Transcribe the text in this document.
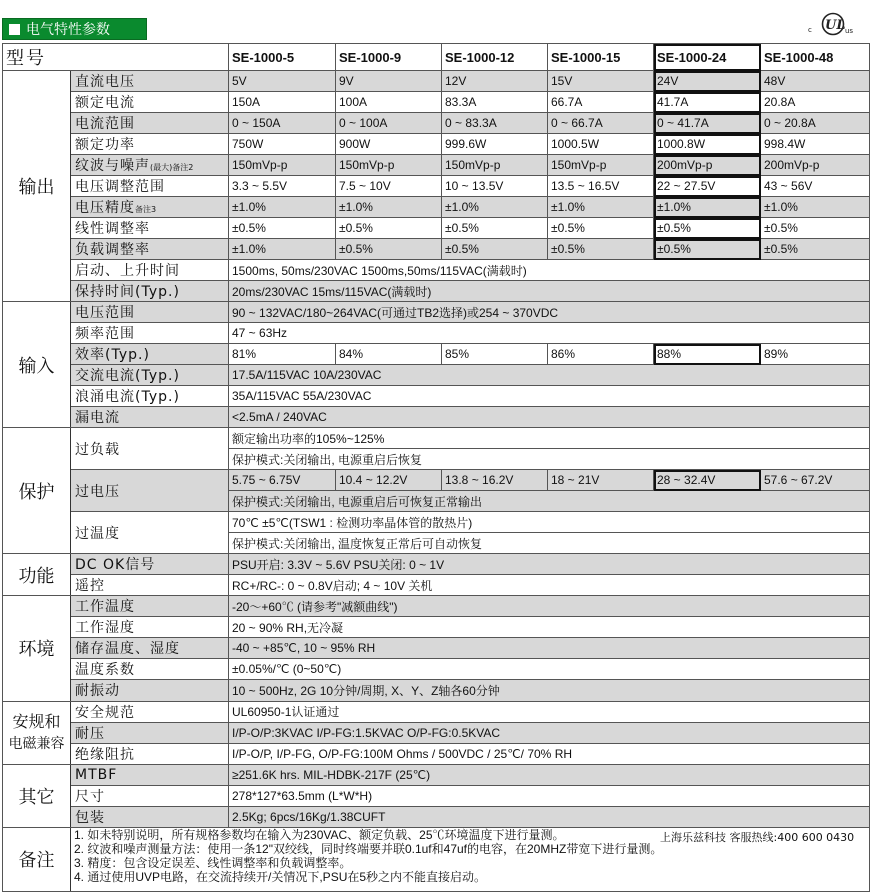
电气特性参数	c UL us
型号		SE-1000-5	SE-1000-9	SE-1000-12	SE-1000-15	SE-1000-24	SE-1000-48
输出	直流电压	5V	9V	12V	15V	24V	48V
	额定电流	150A	100A	83.3A	66.7A	41.7A	20.8A
	电流范围	0 ~ 150A	0 ~ 100A	0 ~ 83.3A	0 ~ 66.7A	0 ~ 41.7A	0 ~ 20.8A
	额定功率	750W	900W	999.6W	1000.5W	1000.8W	998.4W
	纹波与噪声(最大)备注2	150mVp-p	150mVp-p	150mVp-p	150mVp-p	200mVp-p	200mVp-p
	电压调整范围	3.3 ~ 5.5V	7.5 ~ 10V	10 ~ 13.5V	13.5 ~ 16.5V	22 ~ 27.5V	43 ~ 56V
	电压精度备注3	±1.0%	±1.0%	±1.0%	±1.0%	±1.0%	±1.0%
	线性调整率	±0.5%	±0.5%	±0.5%	±0.5%	±0.5%	±0.5%
	负载调整率	±1.0%	±0.5%	±0.5%	±0.5%	±0.5%	±0.5%
	启动、上升时间	1500ms, 50ms/230VAC 1500ms,50ms/115VAC(满载时)					
	保持时间(Typ.)	20ms/230VAC 15ms/115VAC(满载时)					
输入	电压范围	90 ~ 132VAC/180~264VAC(可通过TB2选择)或254 ~ 370VDC					
	频率范围	47 ~ 63Hz					
	效率(Typ.)	81%	84%	85%	86%	88%	89%
	交流电流(Typ.)	17.5A/115VAC 10A/230VAC					
	浪涌电流(Typ.)	35A/115VAC 55A/230VAC					
	漏电流	<2.5mA / 240VAC					
保护	过负载	额定输出功率的105%~125%					
		保护模式:关闭输出, 电源重启后恢复					
	过电压	5.75 ~ 6.75V	10.4 ~ 12.2V	13.8 ~ 16.2V	18 ~ 21V	28 ~ 32.4V	57.6 ~ 67.2V
		保护模式:关闭输出, 电源重启后可恢复正常输出					
	过温度	70℃ ±5℃(TSW1 : 检测功率晶体管的散热片)					
		保护模式:关闭输出, 温度恢复正常后可自动恢复					
功能	DC OK信号	PSU开启: 3.3V ~ 5.6V PSU关闭: 0 ~ 1V					
	遥控	RC+/RC-: 0 ~ 0.8V启动; 4 ~ 10V 关机					
环境	工作温度	-20～+60℃ (请参考"减额曲线")					
	工作湿度	20 ~ 90% RH,无冷凝					
	储存温度、湿度	-40 ~ +85℃, 10 ~ 95% RH					
	温度系数	±0.05%/℃ (0~50℃)					
	耐振动	10 ~ 500Hz, 2G 10分钟/周期, X、Y、Z轴各60分钟					

安规和
电磁兼容	安全规范	UL60950-1认证通过					
	耐压	I/P-O/P:3KVAC I/P-FG:1.5KVAC O/P-FG:0.5KVAC					
	绝缘阻抗	I/P-O/P, I/P-FG, O/P-FG:100M Ohms / 500VDC / 25℃/ 70% RH					
其它	MTBF	≥251.6K hrs. MIL-HDBK-217F (25℃)					
	尺寸	278*127*63.5mm (L*W*H)					
	包装	2.5Kg; 6pcs/16Kg/1.38CUFT					
备注	1. 如未特别说明，所有规格参数均在输入为230VAC、额定负载、25℃环境温度下进行量测。
2. 纹波和噪声测量方法：使用一条12"双绞线，同时终端要并联0.1uf和47uf的电容，在20MHZ带宽下进行量测。
3. 精度：包含设定误差、线性调整率和负载调整率。
4. 通过使用UVP电路，在交流持续开/关情况下,PSU在5秒之内不能直接启动。						
上海乐兹科技 客服热线:400 600 0430
